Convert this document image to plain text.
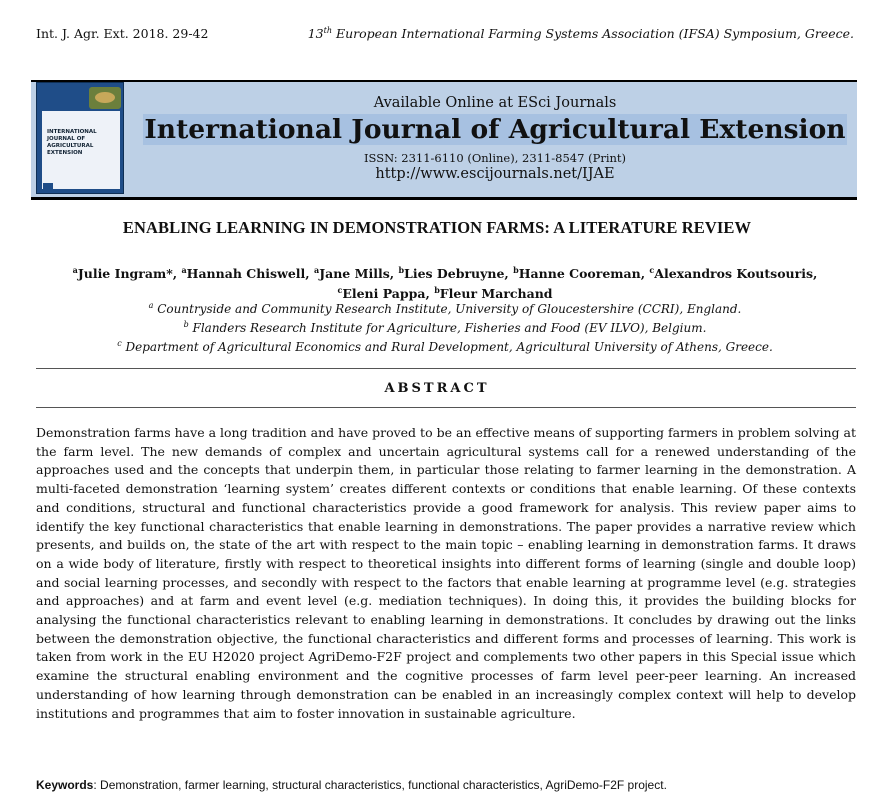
Int. J. Agr. Ext. 2018. 29-42	13th European International Farming Systems Association (IFSA) Symposium, Greece.
INTERNATIONAL JOURNAL OF
AGRICULTURAL
EXTENSION
Available Online at ESci Journals
International Journal of Agricultural Extension
ISSN: 2311-6110 (Online), 2311-8547 (Print)
http://www.escijournals.net/IJAE
ENABLING LEARNING IN DEMONSTRATION FARMS: A LITERATURE REVIEW
$^a$Julie Ingram*, $^a$Hannah Chiswell, $^a$Jane Mills, $^b$Lies Debruyne, $^b$Hanne Cooreman, $^c$Alexandros Koutsouris,
$^c$Eleni Pappa, $^b$Fleur Marchand
$^a$ Countryside and Community Research Institute, University of Gloucestershire (CCRI), England.
$^b$ Flanders Research Institute for Agriculture, Fisheries and Food (EV ILVO), Belgium.
$^c$ Department of Agricultural Economics and Rural Development, Agricultural University of Athens, Greece.
ABSTRACT

Demonstration farms have a long tradition and have proved to be an effective means of supporting farmers in problem solving at the farm level. The new demands of complex and uncertain agricultural systems call for a renewed understanding of the approaches used and the concepts that underpin them, in particular those relating to farmer learning in the demonstration. A multi-faceted demonstration ‘learning system’ creates different contexts or conditions that enable learning. Of these contexts and conditions, structural and functional characteristics provide a good framework for analysis. This review paper aims to identify the key functional characteristics that enable learning in demonstrations. The paper provides a narrative review which presents, and builds on, the state of the art with respect to the main topic – enabling learning in demonstration farms. It draws on a wide body of literature, firstly with respect to theoretical insights into different forms of learning (single and double loop) and social learning processes, and secondly with respect to the factors that enable learning at programme level (e.g. strategies and approaches) and at farm and event level (e.g. mediation techniques). In doing this, it provides the building blocks for analysing the functional characteristics relevant to enabling learning in demonstrations. It concludes by drawing out the links between the demonstration objective, the functional characteristics and different forms and processes of learning. This work is taken from work in the EU H2020 project AgriDemo-F2F project and complements two other papers in this Special issue which examine the structural enabling environment and the cognitive processes of farm level peer-peer learning. An increased understanding of how learning through demonstration can be enabled in an increasingly complex context will help to develop institutions and programmes that aim to foster innovation in sustainable agriculture.

Keywords: Demonstration, farmer learning, structural characteristics, functional characteristics, AgriDemo-F2F project.
